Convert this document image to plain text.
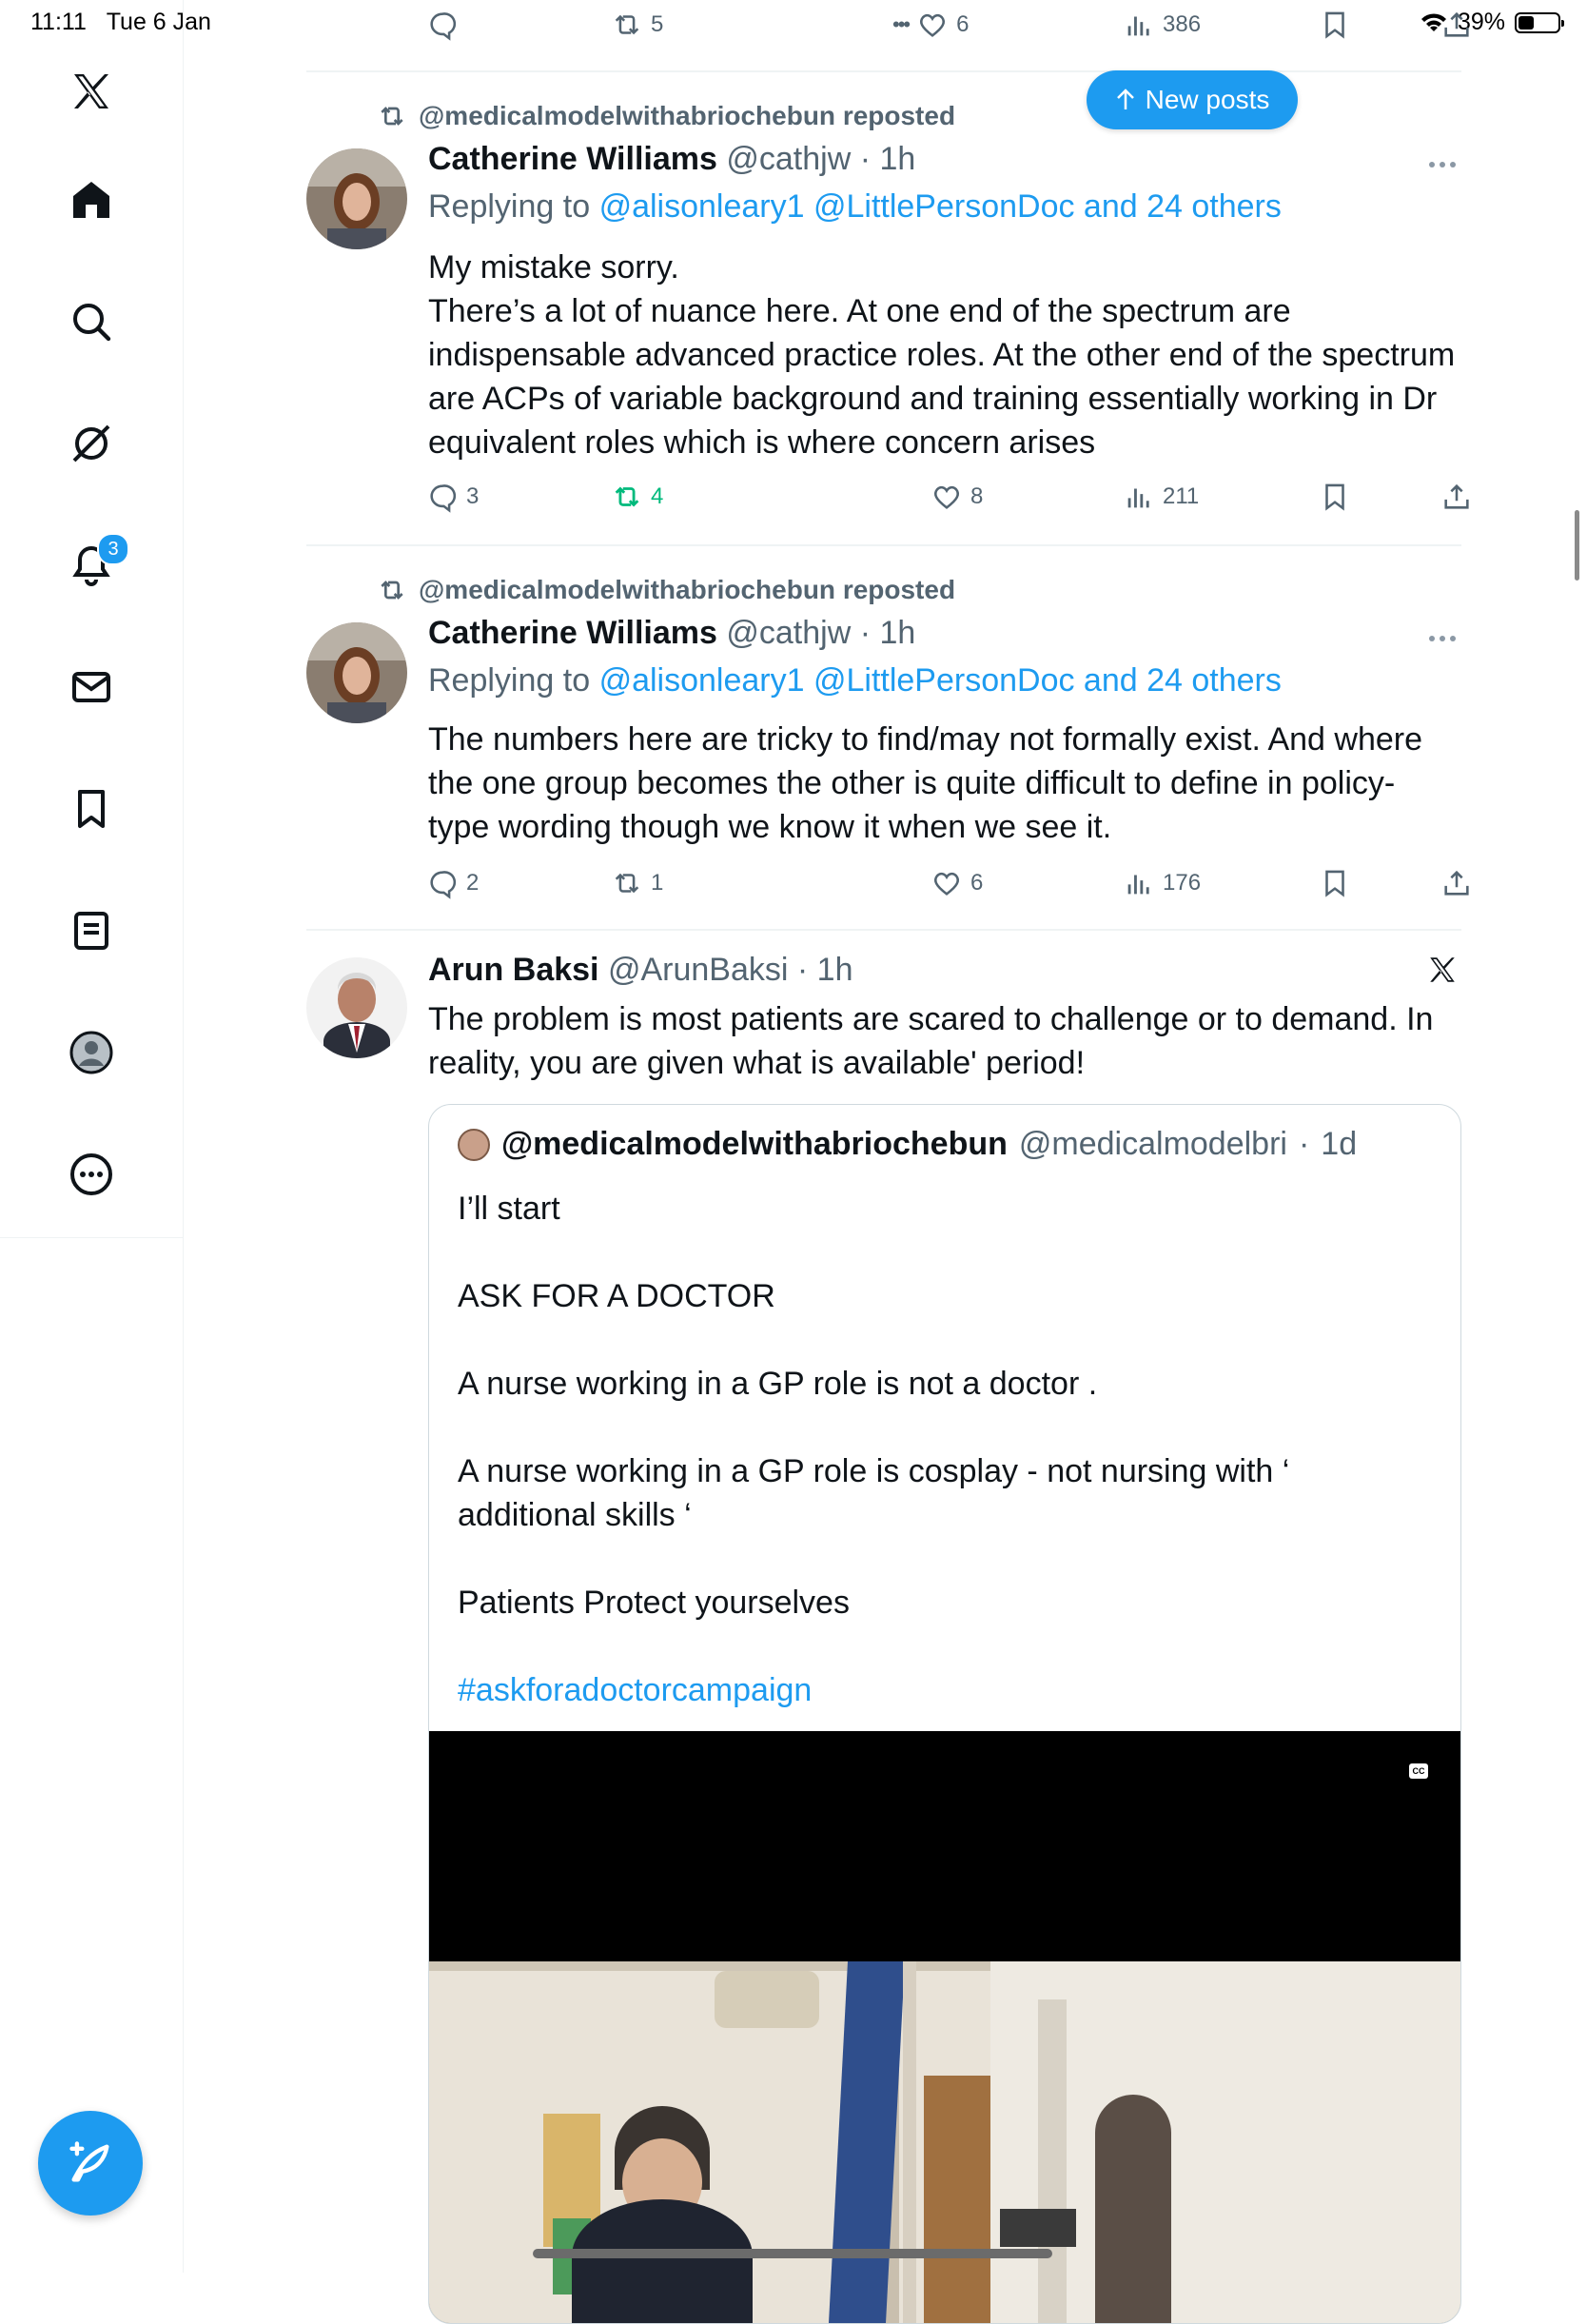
11:11 Tue 6 Jan	39%
3
5	••• 6	386
@medicalmodelwithabriochebun reposted
Catherine Williams @cathjw · 1h
Replying to @alisonleary1 @LittlePersonDoc and 24 others

My mistake sorry.

There’s a lot of nuance here. At one end of the spectrum are indispensable advanced practice roles. At the other end of the spectrum are ACPs of variable background and training essentially working in Dr equivalent roles which is where concern arises

3	4	8	211
@medicalmodelwithabriochebun reposted
Catherine Williams @cathjw · 1h
Replying to @alisonleary1 @LittlePersonDoc and 24 others

The numbers here are tricky to find/may not formally exist. And where the one group becomes the other is quite difficult to define in policy-type wording though we know it when we see it.

2	1	6	176
Arun Baksi @ArunBaksi · 1h

The problem is most patients are scared to challenge or to demand. In reality, you are given what is available' period!

@medicalmodelwithabriochebun @medicalmodelbri · 1d

I’ll start

ASK FOR A DOCTOR

A nurse working in a GP role is not a doctor .

A nurse working in a GP role is cosplay - not nursing with ‘ additional skills ‘

Patients Protect yourselves

#askforadoctorcampaign

CC
New posts
